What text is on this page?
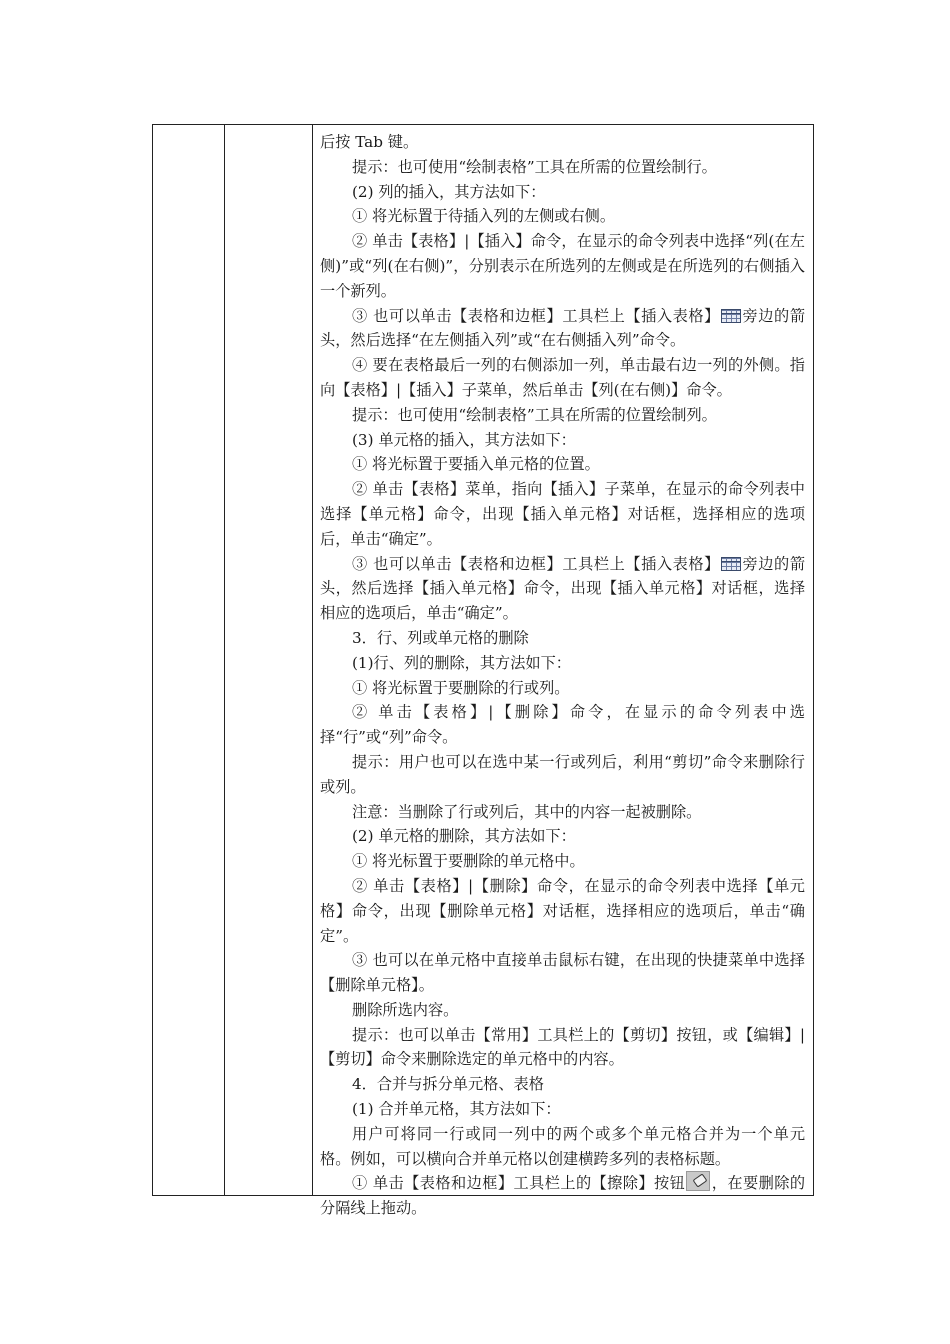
后按 Tab 键。

提示：也可使用“绘制表格”工具在所需的位置绘制行。

(2) 列的插入，其方法如下：

① 将光标置于待插入列的左侧或右侧。

② 单击【表格】|【插入】命令，在显示的命令列表中选择“列(在左侧)”或“列(在右侧)”，分别表示在所选列的左侧或是在所选列的右侧插入一个新列。

③ 也可以单击【表格和边框】工具栏上【插入表格】 旁边的箭头，然后选择“在左侧插入列”或“在右侧插入列”命令。

④ 要在表格最后一列的右侧添加一列，单击最右边一列的外侧。指向【表格】|【插入】子菜单，然后单击【列(在右侧)】命令。

提示：也可使用“绘制表格”工具在所需的位置绘制列。

(3) 单元格的插入，其方法如下：

① 将光标置于要插入单元格的位置。

② 单击【表格】菜单，指向【插入】子菜单，在显示的命令列表中选择【单元格】命令，出现【插入单元格】对话框，选择相应的选项后，单击“确定”。

③ 也可以单击【表格和边框】工具栏上【插入表格】 旁边的箭头，然后选择【插入单元格】命令，出现【插入单元格】对话框，选择相应的选项后，单击“确定”。

3．行、列或单元格的删除

(1)行、列的删除，其方法如下：

① 将光标置于要删除的行或列。

② 单击【表格】|【删除】命令，在显示的命令列表中选择“行”或“列”命令。

提示：用户也可以在选中某一行或列后，利用“剪切”命令来删除行或列。

注意：当删除了行或列后，其中的内容一起被删除。

(2) 单元格的删除，其方法如下：

① 将光标置于要删除的单元格中。

② 单击【表格】|【删除】命令，在显示的命令列表中选择【单元格】命令，出现【删除单元格】对话框，选择相应的选项后，单击“确定”。

③ 也可以在单元格中直接单击鼠标右键，在出现的快捷菜单中选择【删除单元格】。

删除所选内容。

提示：也可以单击【常用】工具栏上的【剪切】按钮，或【编辑】|【剪切】命令来删除选定的单元格中的内容。

4．合并与拆分单元格、表格

(1) 合并单元格，其方法如下：

用户可将同一行或同一列中的两个或多个单元格合并为一个单元格。例如，可以横向合并单元格以创建横跨多列的表格标题。

① 单击【表格和边框】工具栏上的【擦除】按钮 ，在要删除的分隔线上拖动。
